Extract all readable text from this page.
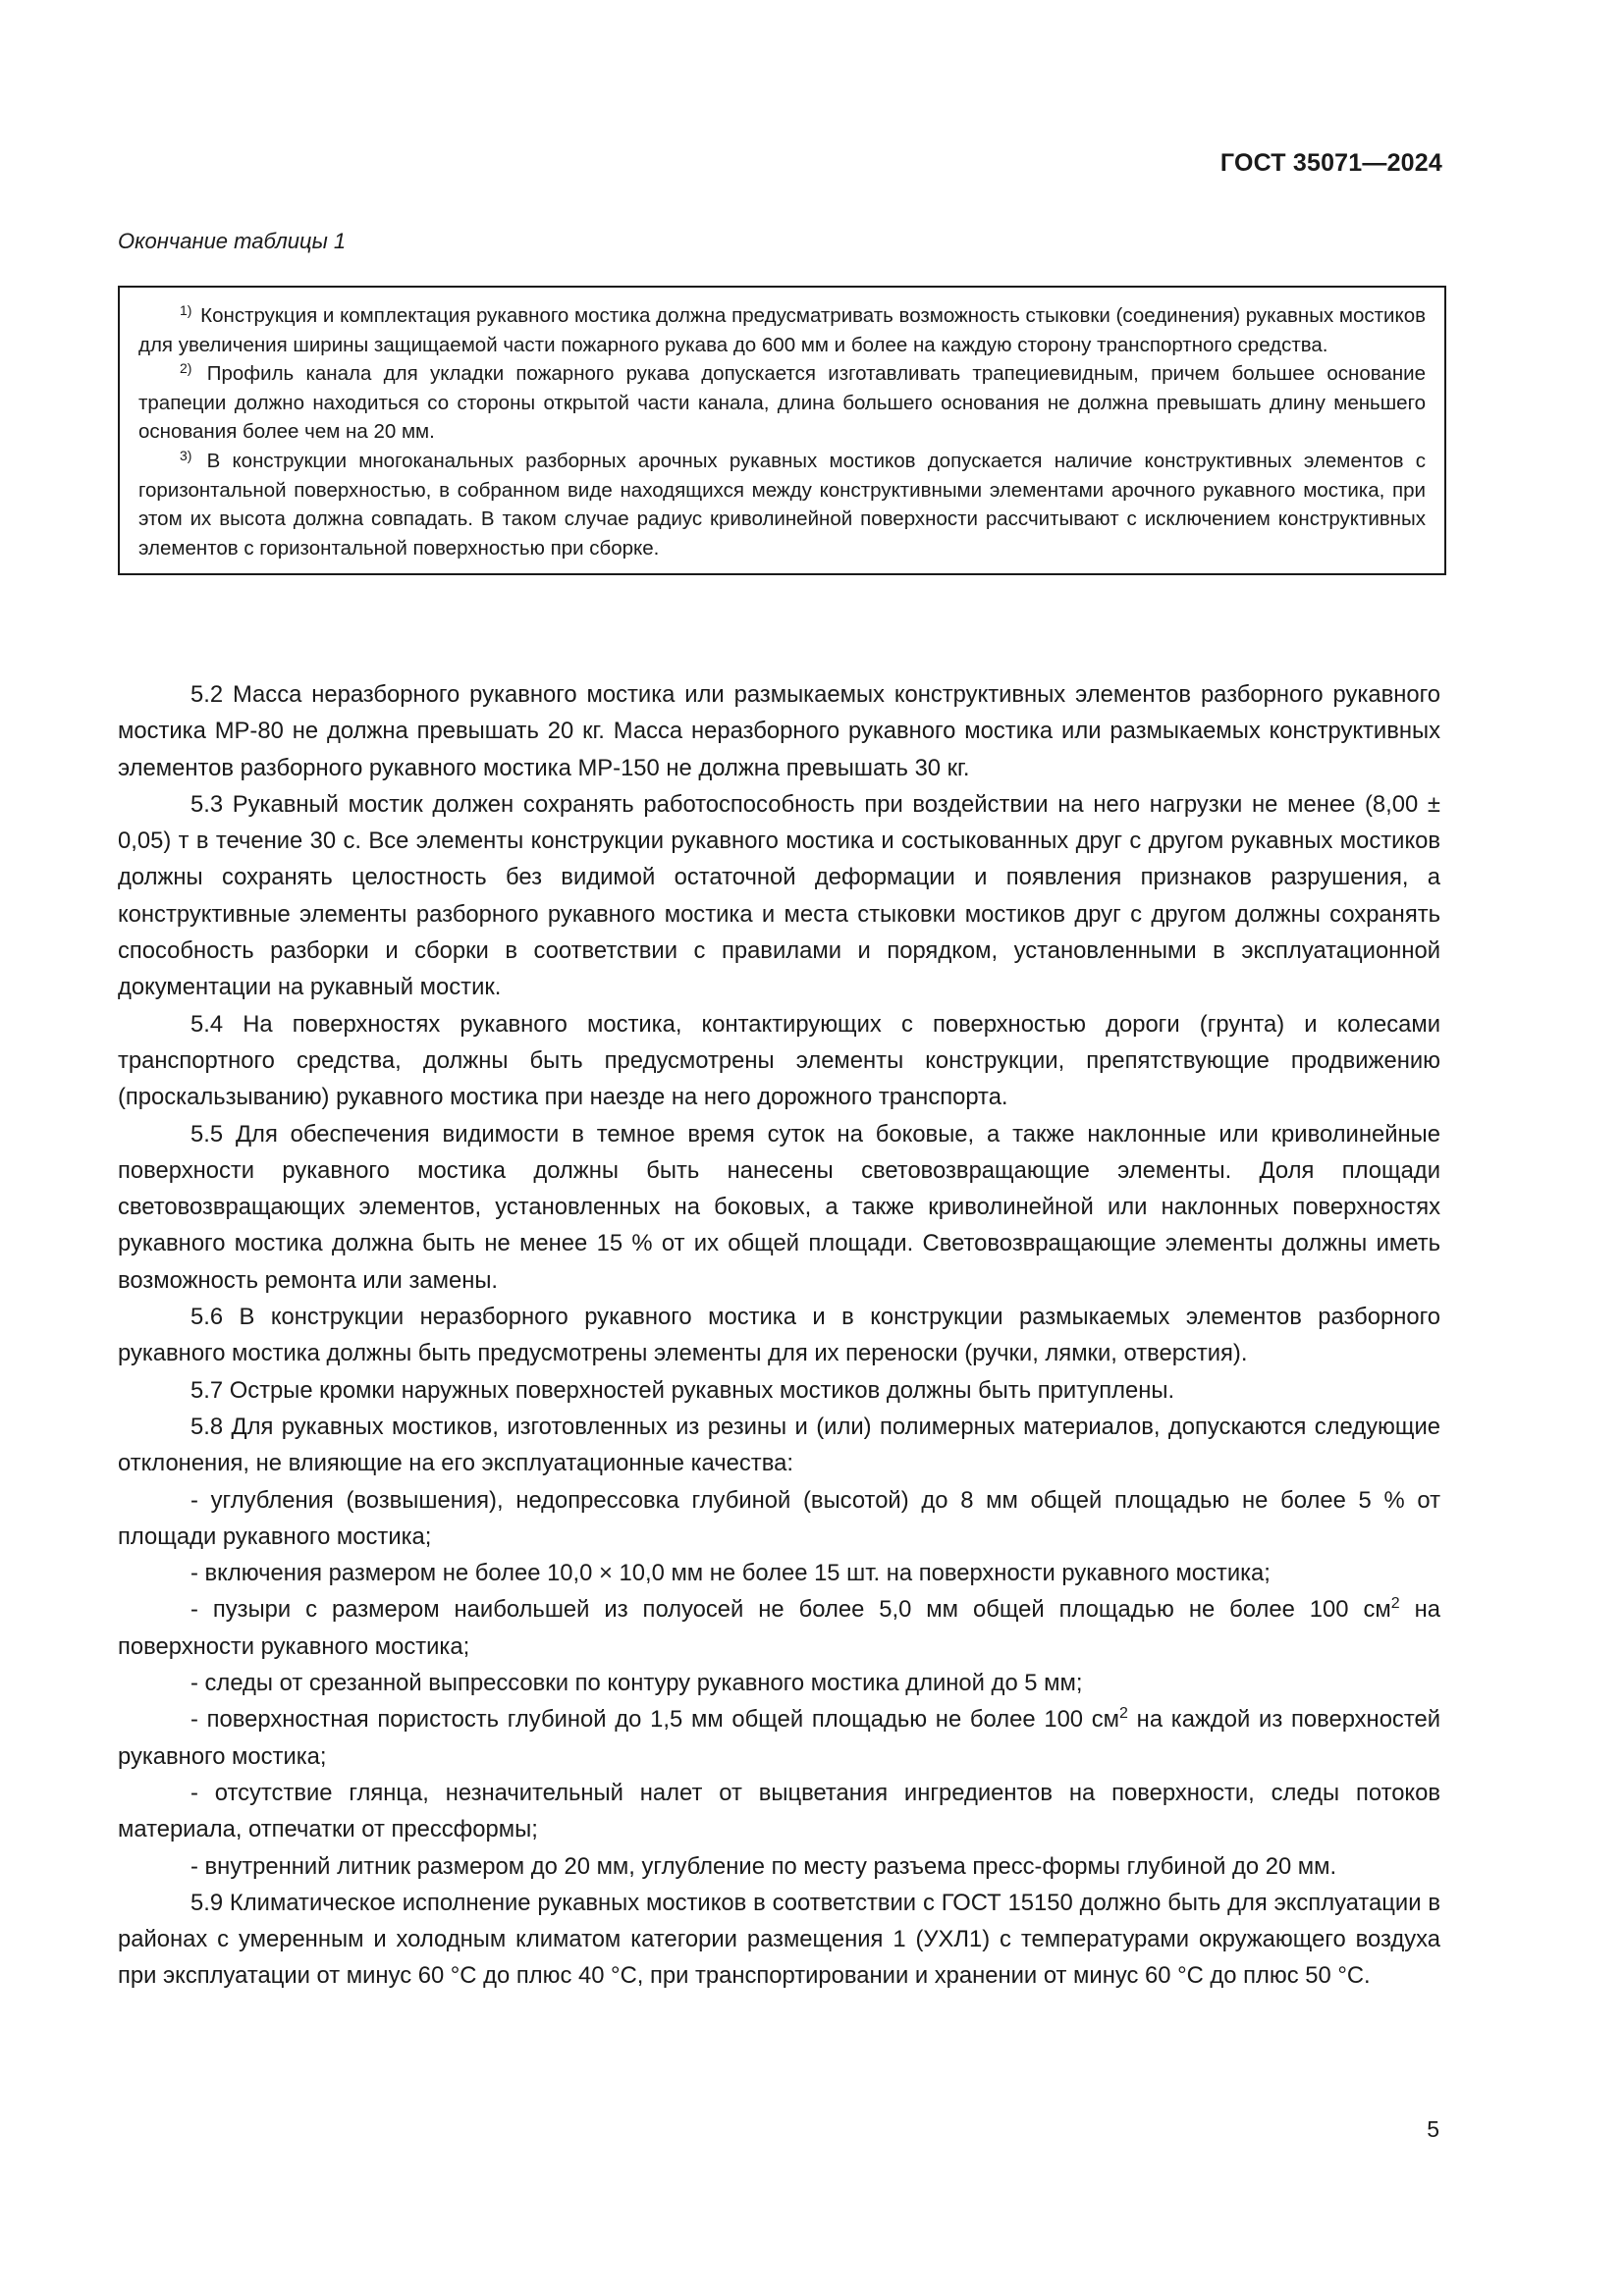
ГОСТ 35071—2024

Окончание таблицы 1

$^{1)}$ Конструкция и комплектация рукавного мостика должна предусматривать возможность стыковки (соединения) рукавных мостиков для увеличения ширины защищаемой части пожарного рукава до 600 мм и более на каждую сторону транспортного средства.

$^{2)}$ Профиль канала для укладки пожарного рукава допускается изготавливать трапециевидным, причем большее основание трапеции должно находиться со стороны открытой части канала, длина большего основания не должна превышать длину меньшего основания более чем на 20 мм.

$^{3)}$ В конструкции многоканальных разборных арочных рукавных мостиков допускается наличие конструктивных элементов с горизонтальной поверхностью, в собранном виде находящихся между конструктивными элементами арочного рукавного мостика, при этом их высота должна совпадать. В таком случае радиус криволинейной поверхности рассчитывают с исключением конструктивных элементов с горизонтальной поверхностью при сборке.

5.2 Масса неразборного рукавного мостика или размыкаемых конструктивных элементов разборного рукавного мостика МР-80 не должна превышать 20 кг. Масса неразборного рукавного мостика или размыкаемых конструктивных элементов разборного рукавного мостика МР-150 не должна превышать 30 кг.

5.3 Рукавный мостик должен сохранять работоспособность при воздействии на него нагрузки не менее (8,00 ± 0,05) т в течение 30 с. Все элементы конструкции рукавного мостика и состыкованных друг с другом рукавных мостиков должны сохранять целостность без видимой остаточной деформации и появления признаков разрушения, а конструктивные элементы разборного рукавного мостика и места стыковки мостиков друг с другом должны сохранять способность разборки и сборки в соответствии с правилами и порядком, установленными в эксплуатационной документации на рукавный мостик.

5.4 На поверхностях рукавного мостика, контактирующих с поверхностью дороги (грунта) и колесами транспортного средства, должны быть предусмотрены элементы конструкции, препятствующие продвижению (проскальзыванию) рукавного мостика при наезде на него дорожного транспорта.

5.5 Для обеспечения видимости в темное время суток на боковые, а также наклонные или криволинейные поверхности рукавного мостика должны быть нанесены световозвращающие элементы. Доля площади световозвращающих элементов, установленных на боковых, а также криволинейной или наклонных поверхностях рукавного мостика должна быть не менее 15 % от их общей площади. Световозвращающие элементы должны иметь возможность ремонта или замены.

5.6 В конструкции неразборного рукавного мостика и в конструкции размыкаемых элементов разборного рукавного мостика должны быть предусмотрены элементы для их переноски (ручки, лямки, отверстия).

5.7 Острые кромки наружных поверхностей рукавных мостиков должны быть притуплены.

5.8 Для рукавных мостиков, изготовленных из резины и (или) полимерных материалов, допускаются следующие отклонения, не влияющие на его эксплуатационные качества:

- углубления (возвышения), недопрессовка глубиной (высотой) до 8 мм общей площадью не более 5 % от площади рукавного мостика;

- включения размером не более 10,0 × 10,0 мм не более 15 шт. на поверхности рукавного мостика;

- пузыри с размером наибольшей из полуосей не более 5,0 мм общей площадью не более 100 $см^2$ на поверхности рукавного мостика;

- следы от срезанной выпрессовки по контуру рукавного мостика длиной до 5 мм;

- поверхностная пористость глубиной до 1,5 мм общей площадью не более 100 $см^2$ на каждой из поверхностей рукавного мостика;

- отсутствие глянца, незначительный налет от выцветания ингредиентов на поверхности, следы потоков материала, отпечатки от прессформы;

- внутренний литник размером до 20 мм, углубление по месту разъема пресс-формы глубиной до 20 мм.

5.9 Климатическое исполнение рукавных мостиков в соответствии с ГОСТ 15150 должно быть для эксплуатации в районах с умеренным и холодным климатом категории размещения 1 (УХЛ1) с температурами окружающего воздуха при эксплуатации от минус 60 °С до плюс 40 °С, при транспортировании и хранении от минус 60 °С до плюс 50 °С.

5
